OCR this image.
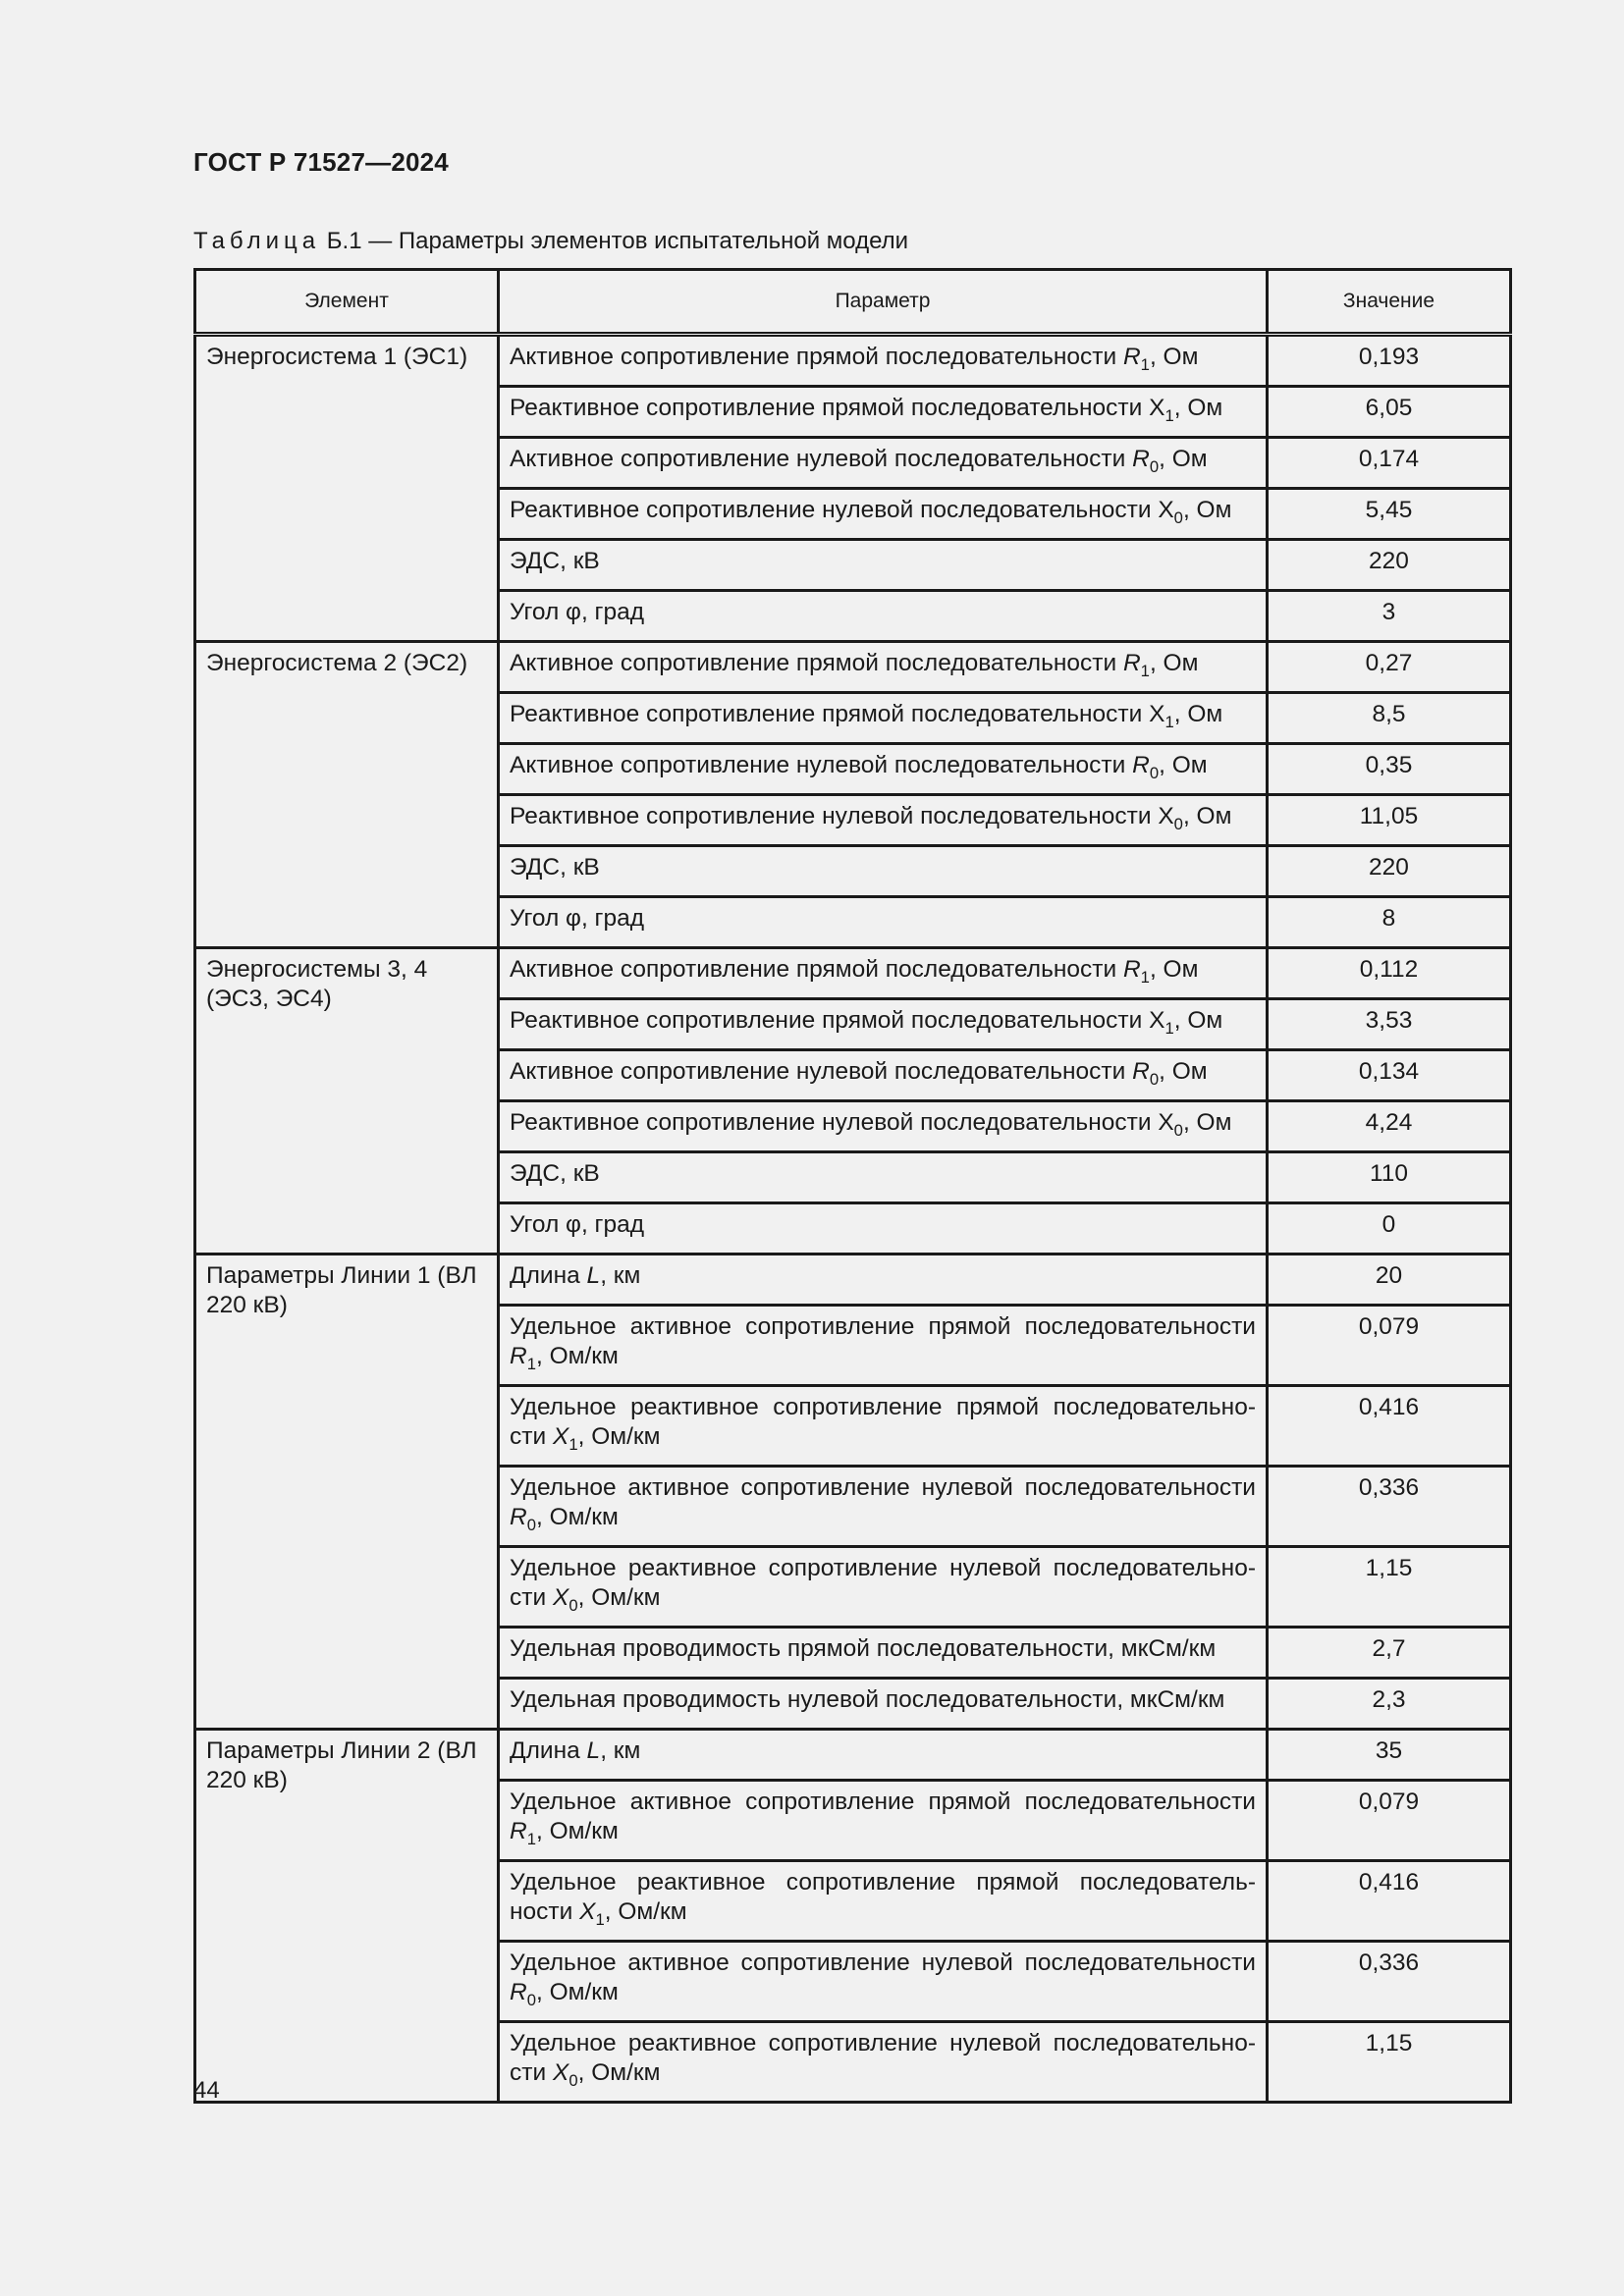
ГОСТ Р 71527—2024
Таблица Б.1 — Параметры элементов испытательной модели
Элемент	Параметр	Значение
Энергосистема 1 (ЭС1)	Активное сопротивление прямой последовательности $R_1$, Ом	0,193
	Реактивное сопротивление прямой последовательности $X_1$, Ом	6,05
	Активное сопротивление нулевой последовательности $R_0$, Ом	0,174
	Реактивное сопротивление нулевой последовательности $X_0$, Ом	5,45
	ЭДС, кВ	220
	Угол φ, град	3
Энергосистема 2 (ЭС2)	Активное сопротивление прямой последовательности $R_1$, Ом	0,27
	Реактивное сопротивление прямой последовательности $X_1$, Ом	8,5
	Активное сопротивление нулевой последовательности $R_0$, Ом	0,35
	Реактивное сопротивление нулевой последовательности $X_0$, Ом	11,05
	ЭДС, кВ	220
	Угол φ, град	8
Энергосистемы 3, 4 (ЭС3, ЭС4)	Активное сопротивление прямой последовательности $R_1$, Ом	0,112
	Реактивное сопротивление прямой последовательности $X_1$, Ом	3,53
	Активное сопротивление нулевой последовательности $R_0$, Ом	0,134
	Реактивное сопротивление нулевой последовательности $X_0$, Ом	4,24
	ЭДС, кВ	110
	Угол φ, град	0
Параметры Линии 1 (ВЛ 220 кВ)	Длина L, км	20
	Удельное активное сопротивление прямой последовательности $R_1$, Ом/км	0,079
	Удельное реактивное сопротивление прямой последовательно-сти $X_1$, Ом/км	0,416
	Удельное активное сопротивление нулевой последовательности $R_0$, Ом/км	0,336
	Удельное реактивное сопротивление нулевой последовательно-сти $X_0$, Ом/км	1,15
	Удельная проводимость прямой последовательности, мкСм/км	2,7
	Удельная проводимость нулевой последовательности, мкСм/км	2,3
Параметры Линии 2 (ВЛ 220 кВ)	Длина L, км	35
	Удельное активное сопротивление прямой последовательности $R_1$, Ом/км	0,079
	Удельное реактивное сопротивление прямой последователь-ности $X_1$, Ом/км	0,416
	Удельное активное сопротивление нулевой последовательности $R_0$, Ом/км	0,336
	Удельное реактивное сопротивление нулевой последовательно-сти $X_0$, Ом/км	1,15
44
